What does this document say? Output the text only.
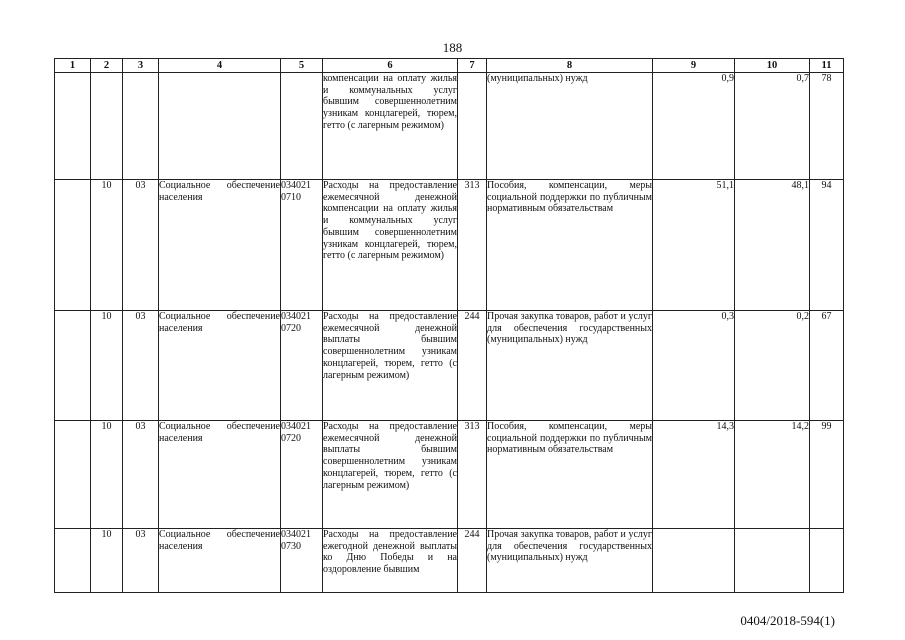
188
1	2	3	4	5	6	7	8	9	10	11
					компенсации на оплату жилья и коммунальных услуг бывшим совершеннолетним узникам концлагерей, тюрем, гетто (с лагерным режимом)		(муниципальных) нужд	0,9	0,7	78
	10	03	Социальное обеспечение населения	034021 0710	Расходы на предоставление ежемесячной денежной компенсации на оплату жилья и коммунальных услуг бывшим совершеннолетним узникам концлагерей, тюрем, гетто (с лагерным режимом)	313	Пособия, компенсации, меры социальной поддержки по публичным нормативным обязательствам	51,1	48,1	94
	10	03	Социальное обеспечение населения	034021 0720	Расходы на предоставление ежемесячной денежной выплаты бывшим совершеннолетним узникам концлагерей, тюрем, гетто (с лагерным режимом)	244	Прочая закупка товаров, работ и услуг для обеспечения государственных (муниципальных) нужд	0,3	0,2	67
	10	03	Социальное обеспечение населения	034021 0720	Расходы на предоставление ежемесячной денежной выплаты бывшим совершеннолетним узникам концлагерей, тюрем, гетто (с лагерным режимом)	313	Пособия, компенсации, меры социальной поддержки по публичным нормативным обязательствам	14,3	14,2	99
	10	03	Социальное обеспечение населения	034021 0730	Расходы на предоставление ежегодной денежной выплаты ко Дню Победы и на оздоровление бывшим	244	Прочая закупка товаров, работ и услуг для обеспечения государственных (муниципальных) нужд			
0404/2018-594(1)
